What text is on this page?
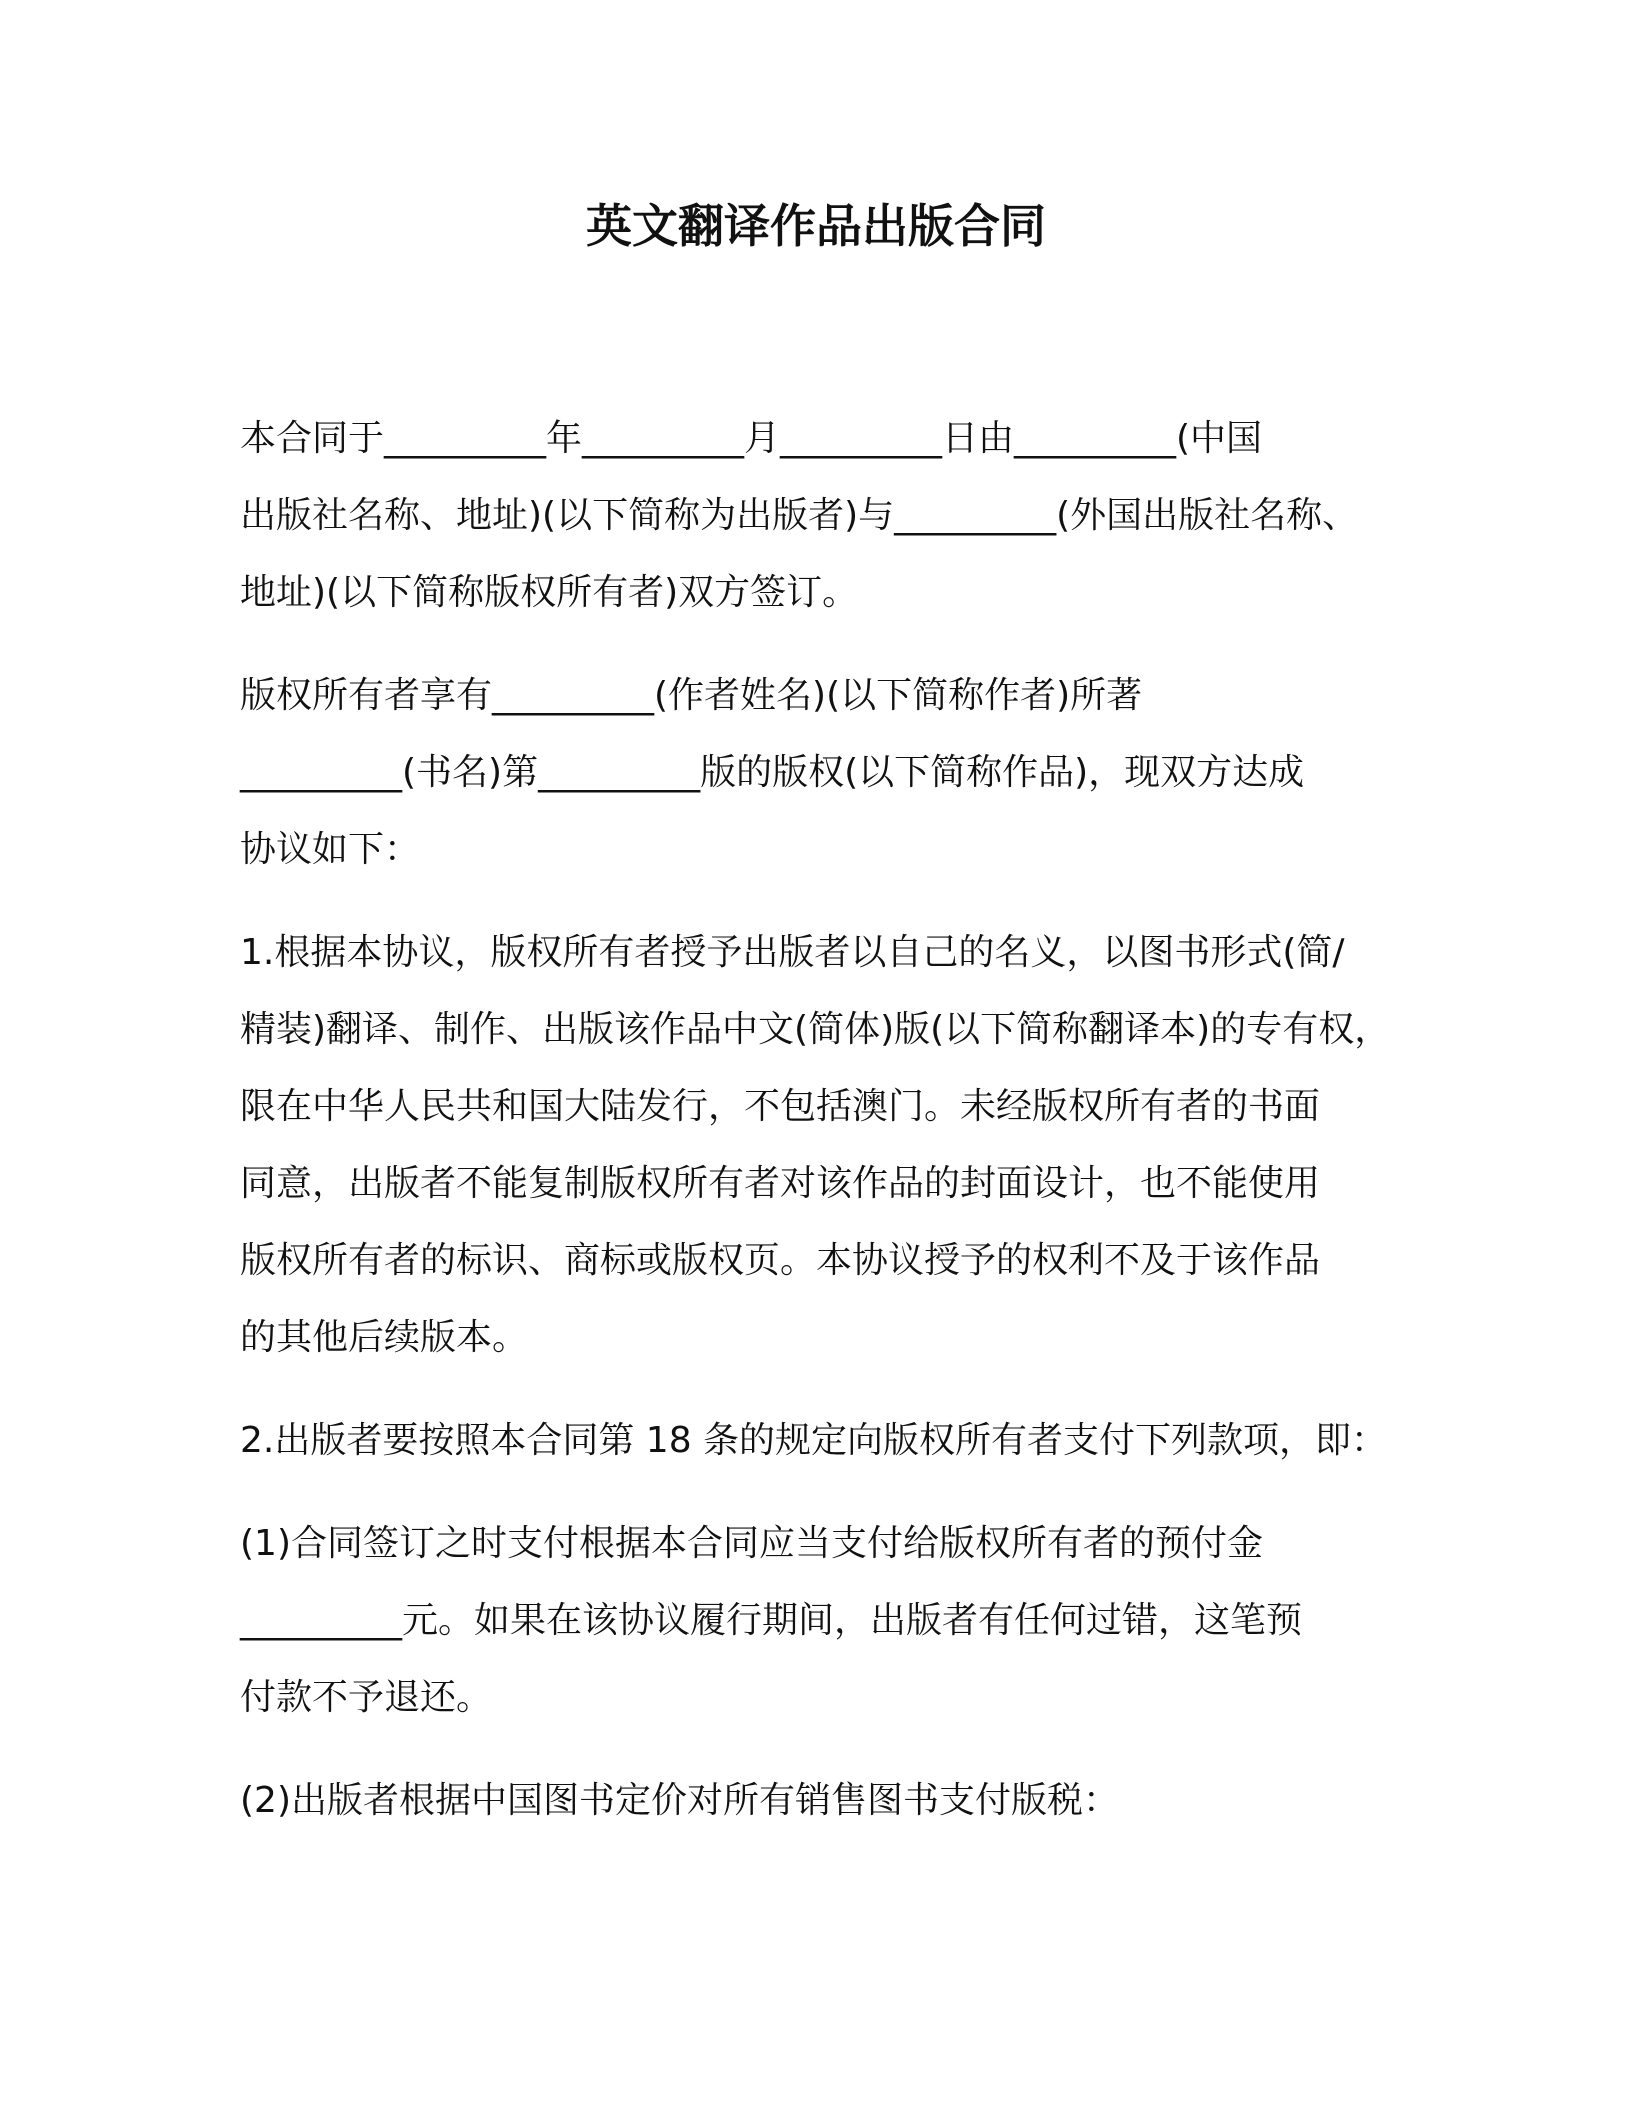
英文翻译作品出版合同
本合同于_________年_________月_________日由_________(中国
出版社名称、地址)(以下简称为出版者)与_________(外国出版社名称、
地址)(以下简称版权所有者)双方签订。
版权所有者享有_________(作者姓名)(以下简称作者)所著
_________(书名)第_________版的版权(以下简称作品)，现双方达成
协议如下：
1.根据本协议，版权所有者授予出版者以自己的名义，以图书形式(简/
精装)翻译、制作、出版该作品中文(简体)版(以下简称翻译本)的专有权，
限在中华人民共和国大陆发行，不包括澳门。未经版权所有者的书面
同意，出版者不能复制版权所有者对该作品的封面设计，也不能使用
版权所有者的标识、商标或版权页。本协议授予的权利不及于该作品
的其他后续版本。
2.出版者要按照本合同第 18 条的规定向版权所有者支付下列款项，即：
(1)合同签订之时支付根据本合同应当支付给版权所有者的预付金
_________元。如果在该协议履行期间，出版者有任何过错，这笔预
付款不予退还。
(2)出版者根据中国图书定价对所有销售图书支付版税：
